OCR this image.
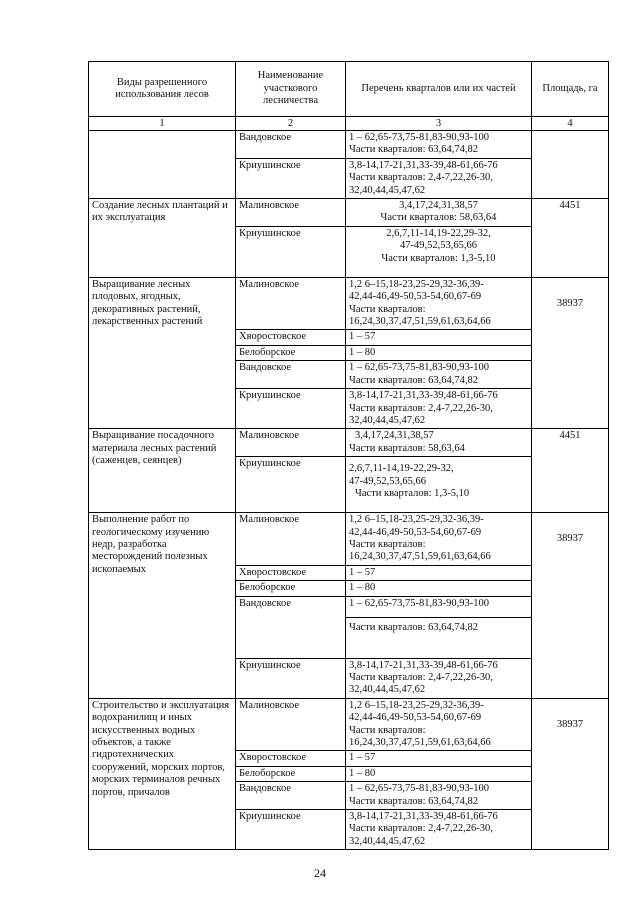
Виды разрешенного использования лесов	Наименование участкового лесничества	Перечень кварталов или их частей	Площадь, га
1	2	3	4
	Вандовское	1 – 62,65-73,75-81,83-90,93-100
Части кварталов: 63,64,74,82	

	Криушинское	3,8-14,17-21,31,33-39,48-61,66-76
Части кварталов: 2,4-7,22,26-30,
32,40,44,45,47,62	

Создание лесных плантаций и их эксплуатация	Малиновское	3,4,17,24,31,38,57
Части кварталов: 58,63,64	4451
	Криушинское	2,6,7,11-14,19-22,29-32,
47-49,52,53,65,66
Части кварталов: 1,3-5,10	

Выращивание лесных плодовых, ягодных, декоративных растений, лекарственных растений	Малиновское	1,2 6–15,18-23,25-29,32-36,39-
42,44-46,49-50,53-54,60,67-69
Части кварталов:
16,24,30,37,47,51,59,61,63,64,66	38937
	Хворостовское	1 – 57	
	Белоборское	1 – 80	
	Вандовское	1 – 62,65-73,75-81,83-90,93-100
Части кварталов: 63,64,74,82	

	Криушинское	3,8-14,17-21,31,33-39,48-61,66-76
Части кварталов: 2,4-7,22,26-30,
32,40,44,45,47,62	

Выращивание посадочного материала лесных растений (саженцев, сеянцев)	Малиновское	3,4,17,24,31,38,57
Части кварталов: 58,63,64	4451
	Криушинское	2,6,7,11-14,19-22,29-32,
47-49,52,53,65,66
Части кварталов: 1,3-5,10	

Выполнение работ по геологическому изучению недр, разработка месторождений полезных ископаемых	Малиновское	1,2 6–15,18-23,25-29,32-36,39-
42,44-46,49-50,53-54,60,67-69
Части кварталов:
16,24,30,37,47,51,59,61,63,64,66	38937
	Хворостовское	1 – 57	
	Белоборское	1 – 80	
	Вандовское	1 – 62,65-73,75-81,83-90,93-100
Части кварталов: 63,64,74,82	

	Криушинское	3,8-14,17-21,31,33-39,48-61,66-76
Части кварталов: 2,4-7,22,26-30,
32,40,44,45,47,62	

Строительство и эксплуатация водохранилищ и иных искусственных водных объектов, а также гидротехнических сооружений, морских портов, морских терминалов речных портов, причалов	Малиновское	1,2 6–15,18-23,25-29,32-36,39-
42,44-46,49-50,53-54,60,67-69
Части кварталов:
16,24,30,37,47,51,59,61,63,64,66	38937
	Хворостовское	1 – 57	
	Белоборское	1 – 80	
	Вандовское	1 – 62,65-73,75-81,83-90,93-100
Части кварталов: 63,64,74,82	

	Криушинское	3,8-14,17-21,31,33-39,48-61,66-76
Части кварталов: 2,4-7,22,26-30,
32,40,44,45,47,62	
24
